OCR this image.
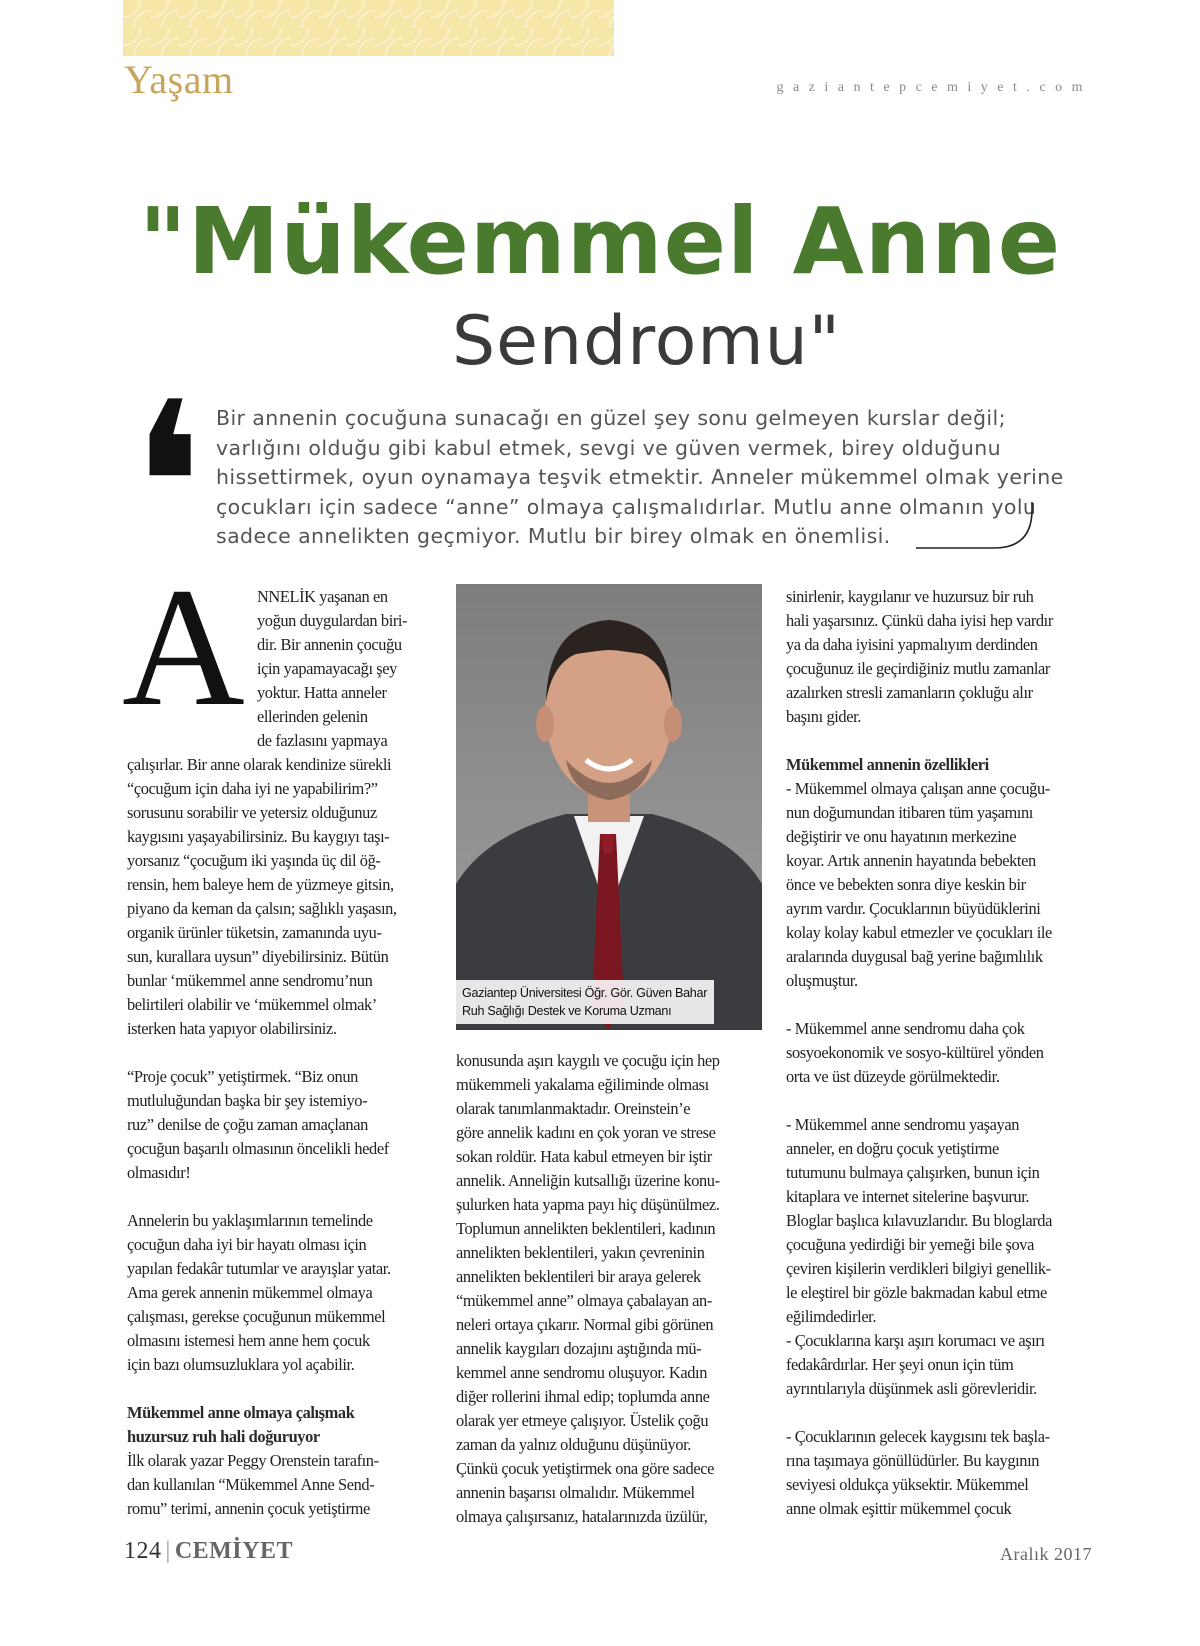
Yaşam	gaziantepcemiyet.com
"Mükemmel Anne
Sendromu"
❛ Bir annenin çocuğuna sunacağı en güzel şey sonu gelmeyen kurslar değil;
varlığını olduğu gibi kabul etmek, sevgi ve güven vermek, birey olduğunu
hissettirmek, oyun oynamaya teşvik etmektir. Anneler mükemmel olmak yerine
çocukları için sadece “anne” olmaya çalışmalıdırlar. Mutlu anne olmanın yolu
sadece annelikten geçmiyor. Mutlu bir birey olmak en önemlisi.

A NNELİK yaşanan en
yoğun duygulardan biri-
dir. Bir annenin çocuğu
için yapamayacağı şey
yoktur. Hatta anneler
ellerinden gelenin
de fazlasını yapmaya
çalışırlar. Bir anne olarak kendinize sürekli
“çocuğum için daha iyi ne yapabilirim?”
sorusunu sorabilir ve yetersiz olduğunuz
kaygısını yaşayabilirsiniz. Bu kaygıyı taşı-
yorsanız “çocuğum iki yaşında üç dil öğ-
rensin, hem baleye hem de yüzmeye gitsin,
piyano da keman da çalsın; sağlıklı yaşasın,
organik ürünler tüketsin, zamanında uyu-
sun, kurallara uysun” diyebilirsiniz. Bütün
bunlar ‘mükemmel anne sendromu’nun
belirtileri olabilir ve ‘mükemmel olmak’
isterken hata yapıyor olabilirsiniz.
“Proje çocuk” yetiştirmek. “Biz onun
mutluluğundan başka bir şey istemiyo-
ruz” denilse de çoğu zaman amaçlanan
çocuğun başarılı olmasının öncelikli hedef
olmasıdır!
Annelerin bu yaklaşımlarının temelinde
çocuğun daha iyi bir hayatı olması için
yapılan fedakâr tutumlar ve arayışlar yatar.
Ama gerek annenin mükemmel olmaya
çalışması, gerekse çocuğunun mükemmel
olmasını istemesi hem anne hem çocuk
için bazı olumsuzluklara yol açabilir.
Mükemmel anne olmaya çalışmak
huzursuz ruh hali doğuruyor
İlk olarak yazar Peggy Orenstein tarafın-
dan kullanılan “Mükemmel Anne Send-
romu” terimi, annenin çocuk yetiştirme
Gaziantep Üniversitesi Öğr. Gör. Güven Bahar
Ruh Sağlığı Destek ve Koruma Uzmanı
konusunda aşırı kaygılı ve çocuğu için hep
mükemmeli yakalama eğiliminde olması
olarak tanımlanmaktadır. Oreinstein’e
göre annelik kadını en çok yoran ve strese
sokan roldür. Hata kabul etmeyen bir iştir
annelik. Anneliğin kutsallığı üzerine konu-
şulurken hata yapma payı hiç düşünülmez.
Toplumun annelikten beklentileri, kadının
annelikten beklentileri, yakın çevreninin
annelikten beklentileri bir araya gelerek
“mükemmel anne” olmaya çabalayan an-
neleri ortaya çıkarır. Normal gibi görünen
annelik kaygıları dozajını aştığında mü-
kemmel anne sendromu oluşuyor. Kadın
diğer rollerini ihmal edip; toplumda anne
olarak yer etmeye çalışıyor. Üstelik çoğu
zaman da yalnız olduğunu düşünüyor.
Çünkü çocuk yetiştirmek ona göre sadece
annenin başarısı olmalıdır. Mükemmel
olmaya çalışırsanız, hatalarınızda üzülür,
sinirlenir, kaygılanır ve huzursuz bir ruh
hali yaşarsınız. Çünkü daha iyisi hep vardır
ya da daha iyisini yapmalıyım derdinden
çocuğunuz ile geçirdiğiniz mutlu zamanlar
azalırken stresli zamanların çokluğu alır
başını gider.
Mükemmel annenin özellikleri
- Mükemmel olmaya çalışan anne çocuğu-
nun doğumundan itibaren tüm yaşamını
değiştirir ve onu hayatının merkezine
koyar. Artık annenin hayatında bebekten
önce ve bebekten sonra diye keskin bir
ayrım vardır. Çocuklarının büyüdüklerini
kolay kolay kabul etmezler ve çocukları ile
aralarında duygusal bağ yerine bağımlılık
oluşmuştur.
- Mükemmel anne sendromu daha çok
sosyoekonomik ve sosyo-kültürel yönden
orta ve üst düzeyde görülmektedir.
- Mükemmel anne sendromu yaşayan
anneler, en doğru çocuk yetiştirme
tutumunu bulmaya çalışırken, bunun için
kitaplara ve internet sitelerine başvurur.
Bloglar başlıca kılavuzlarıdır. Bu bloglarda
çocuğuna yedirdiği bir yemeği bile şova
çeviren kişilerin verdikleri bilgiyi genellik-
le eleştirel bir gözle bakmadan kabul etme
eğilimdedirler.
- Çocuklarına karşı aşırı korumacı ve aşırı
fedakârdırlar. Her şeyi onun için tüm
ayrıntılarıyla düşünmek asli görevleridir.
- Çocuklarının gelecek kaygısını tek başla-
rına taşımaya gönüllüdürler. Bu kaygının
seviyesi oldukça yüksektir. Mükemmel
anne olmak eşittir mükemmel çocuk
124 | CEMİYET	Aralık 2017
